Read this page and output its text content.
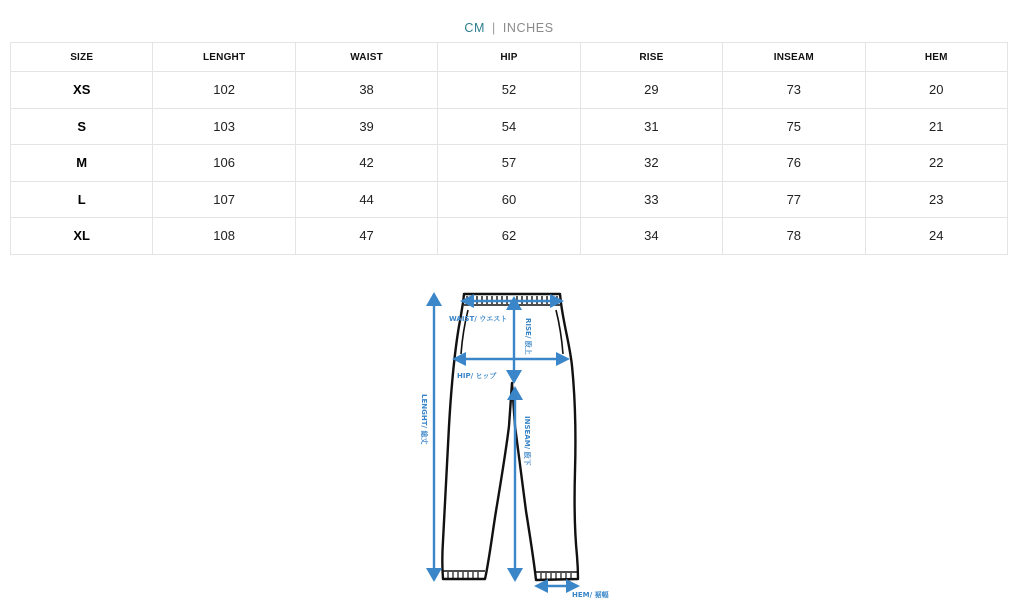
CM | INCHES
SIZE	LENGHT	WAIST	HIP	RISE	INSEAM	HEM
XS	102	38	52	29	73	20
S	103	39	54	31	75	21
M	106	42	57	32	76	22
L	107	44	60	33	77	23
XL	108	47	62	34	78	24
WAIST/ ウエスト RISE/ 股上
HIP/ ヒップ
LENGHT/ 総丈	INSEAM/ 股下
HEM/ 裾幅
